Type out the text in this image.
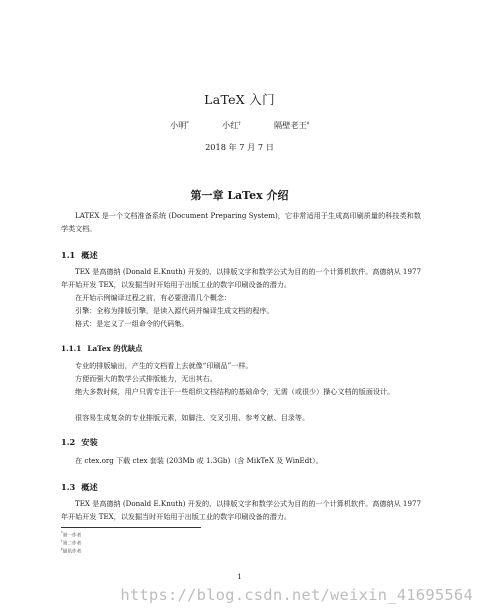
LaTeX 入门
小明*	小红†	隔壁老王‡
2018 年 7 月 7 日
第一章 LaTex 介绍
LATEX 是一个文档准备系统 (Document Preparing System)，它非常适用于生成高印刷质量的科技类和数学类文档。
1.1 概述
TEX 是高德纳 (Donald E.Knuth) 开发的、以排版文字和数学公式为目的的一个计算机软件。高德纳从 1977 年开始开发 TEX，以发掘当时开始用于出版工业的数字印刷设备的潜力。
在开始示例编译过程之前，有必要澄清几个概念：
引擎：全称为排版引擎，是读入源代码并编译生成文档的程序。
格式：是定义了一组命令的代码集。
1.1.1 LaTex 的优缺点
专业的排版输出，产生的文档看上去就像“印刷品”一样。
方便而强大的数学公式排版能力，无出其右。
绝大多数时候，用户只需专注于一些组织文档结构的基础命令，无需（或很少）操心文档的版面设计。
很容易生成复杂的专业排版元素，如脚注、交叉引用、参考文献、目录等。
1.2 安装
在 ctex.org 下载 ctex 套装 (203Mb 或 1.3Gb)（含 MikTeX 及 WinEdt）。
1.3 概述
TEX 是高德纳 (Donald E.Knuth) 开发的、以排版文字和数学公式为目的的一个计算机软件。高德纳从 1977 年开始开发 TEX，以发掘当时开始用于出版工业的数字印刷设备的潜力。
*第一作者
†第二作者
‡通讯作者
1
https://blog.csdn.net/weixin_41695564
